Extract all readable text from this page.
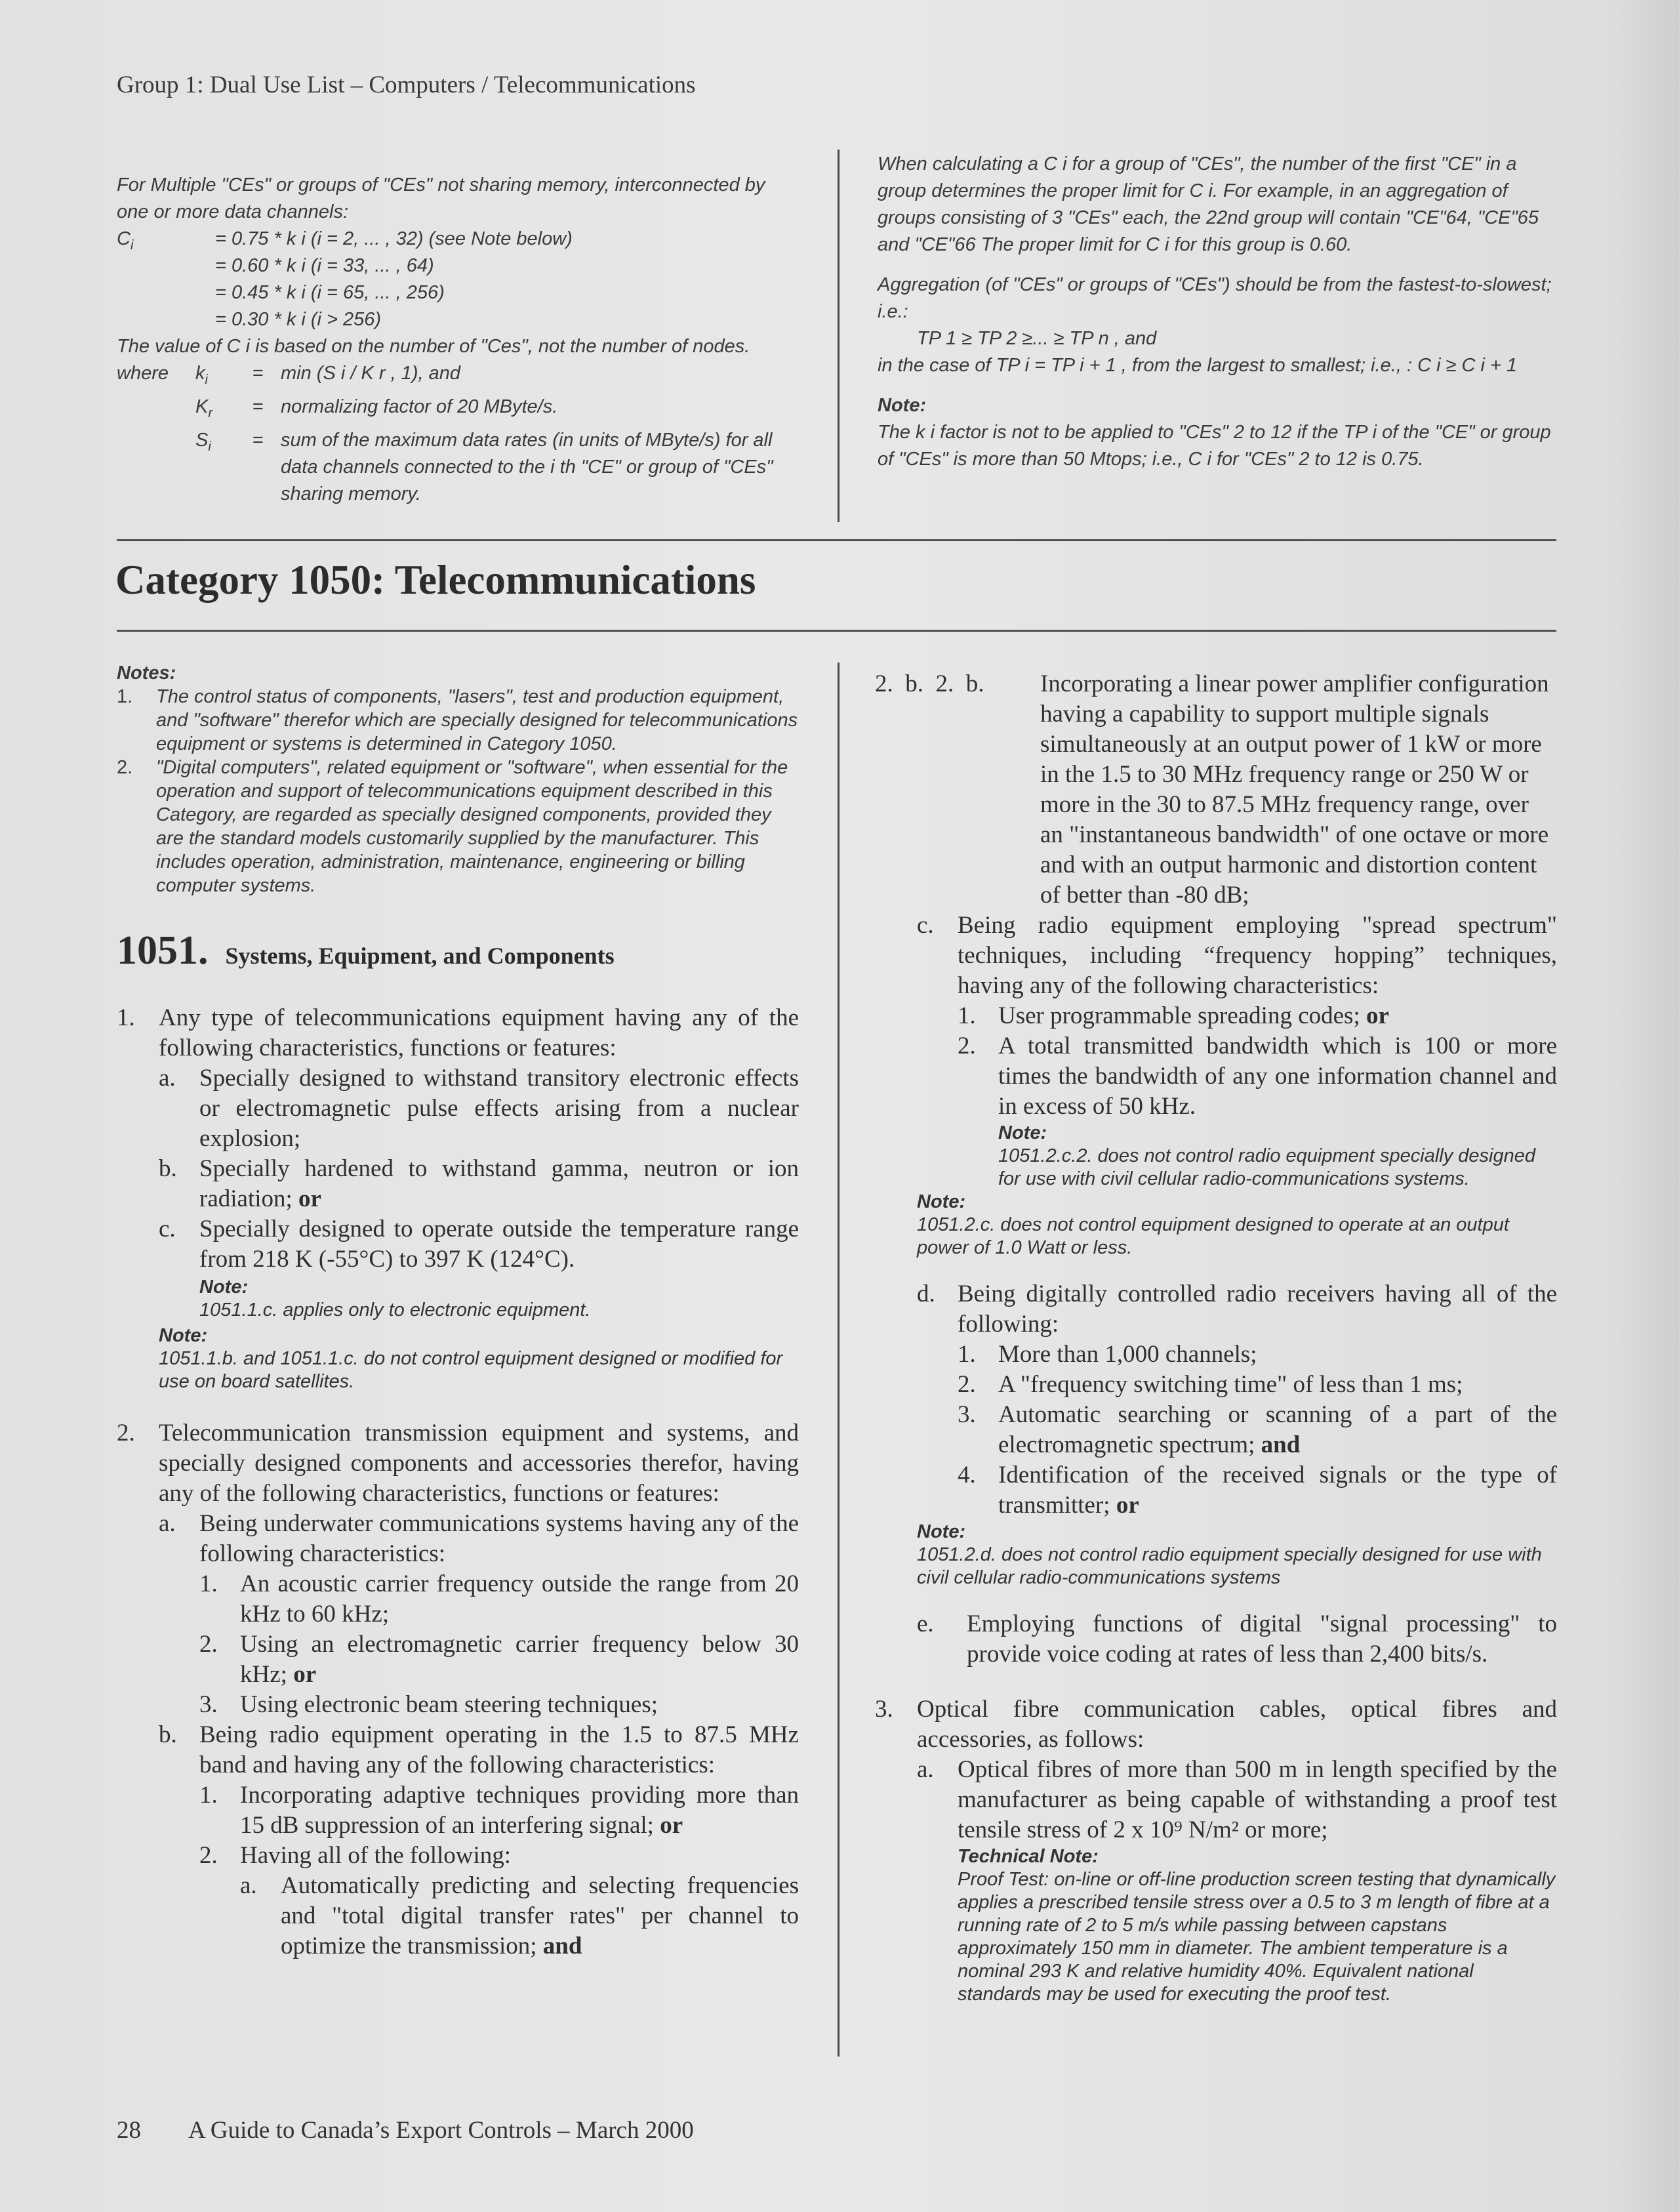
Group 1: Dual Use List – Computers / Telecommunications

For Multiple "CEs" or groups of "CEs" not sharing memory, interconnected by one or more data channels:

$C_i$	= 0.75 * k i (i = 2, ... , 32) (see Note below)
= 0.60 * k i (i = 33, ... , 64)
= 0.45 * k i (i = 65, ... , 256)
= 0.30 * k i (i > 256)

The value of C i is based on the number of "Ces", not the number of nodes.

where	$k_i$	= min (S i / K r , 1), and
$K_r$	= normalizing factor of 20 MByte/s.
$S_i$	= sum of the maximum data rates (in units of MByte/s) for all data channels connected to the i th "CE" or group of "CEs" sharing memory.

When calculating a C i for a group of "CEs", the number of the first "CE" in a group determines the proper limit for C i. For example, in an aggregation of groups consisting of 3 "CEs" each, the 22nd group will contain "CE"64, "CE"65 and "CE"66 The proper limit for C i for this group is 0.60.

Aggregation (of "CEs" or groups of "CEs") should be from the fastest-to-slowest; i.e.:

TP 1 ≥ TP 2 ≥... ≥ TP n , and

in the case of TP i = TP i + 1 , from the largest to smallest; i.e., : C i ≥ C i + 1

Note:

The k i factor is not to be applied to "CEs" 2 to 12 if the TP i of the "CE" or group of "CEs" is more than 50 Mtops; i.e., C i for "CEs" 2 to 12 is 0.75.

Category 1050: Telecommunications
Notes:
1.	The control status of components, "lasers", test and production equipment, and "software" therefor which are specially designed for telecommunications equipment or systems is determined in Category 1050.
2.	"Digital computers", related equipment or "software", when essential for the operation and support of telecommunications equipment described in this Category, are regarded as specially designed components, provided they are the standard models customarily supplied by the manufacturer. This includes operation, administration, maintenance, engineering or billing computer systems.
1051. Systems, Equipment, and Components
1. Any type of telecommunications equipment having any of the following characteristics, functions or features:
a. Specially designed to withstand transitory electronic effects or electromagnetic pulse effects arising from a nuclear explosion;
b. Specially hardened to withstand gamma, neutron or ion radiation; or
c. Specially designed to operate outside the temperature range from 218 K (-55°C) to 397 K (124°C).
Note:
1051.1.c. applies only to electronic equipment.
Note:
1051.1.b. and 1051.1.c. do not control equipment designed or modified for use on board satellites.
2. Telecommunication transmission equipment and systems, and specially designed components and accessories therefor, having any of the following characteristics, functions or features:
a. Being underwater communications systems having any of the following characteristics:
1. An acoustic carrier frequency outside the range from 20 kHz to 60 kHz;
2. Using an electromagnetic carrier frequency below 30 kHz; or
3. Using electronic beam steering techniques;
b. Being radio equipment operating in the 1.5 to 87.5 MHz band and having any of the following characteristics:
1. Incorporating adaptive techniques providing more than 15 dB suppression of an interfering signal; or
2. Having all of the following:
a. Automatically predicting and selecting frequencies and "total digital transfer rates" per channel to optimize the transmission; and
2.  b.  2.  b.	Incorporating a linear power amplifier configuration having a capability to support multiple signals simultaneously at an output power of 1 kW or more in the 1.5 to 30 MHz frequency range or 250 W or more in the 30 to 87.5 MHz frequency range, over an "instantaneous bandwidth" of one octave or more and with an output harmonic and distortion content of better than -80 dB;
c. Being radio equipment employing "spread spectrum" techniques, including “frequency hopping” techniques, having any of the following characteristics:
1. User programmable spreading codes; or
2. A total transmitted bandwidth which is 100 or more times the bandwidth of any one information channel and in excess of 50 kHz.
Note:
1051.2.c.2. does not control radio equipment specially designed for use with civil cellular radio-communications systems.
Note:
1051.2.c. does not control equipment designed to operate at an output power of 1.0 Watt or less.
d. Being digitally controlled radio receivers having all of the following:
1. More than 1,000 channels;
2. A "frequency switching time" of less than 1 ms;
3. Automatic searching or scanning of a part of the electromagnetic spectrum; and
4. Identification of the received signals or the type of transmitter; or
Note:
1051.2.d. does not control radio equipment specially designed for use with civil cellular radio-communications systems
e.	Employing functions of digital "signal processing" to provide voice coding at rates of less than 2,400 bits/s.
3. Optical fibre communication cables, optical fibres and accessories, as follows:
a. Optical fibres of more than 500 m in length specified by the manufacturer as being capable of withstanding a proof test tensile stress of 2 x 10⁹ N/m² or more;
Technical Note:
Proof Test: on-line or off-line production screen testing that dynamically applies a prescribed tensile stress over a 0.5 to 3 m length of fibre at a running rate of 2 to 5 m/s while passing between capstans approximately 150 mm in diameter. The ambient temperature is a nominal 293 K and relative humidity 40%. Equivalent national standards may be used for executing the proof test.
28 A Guide to Canada’s Export Controls – March 2000
